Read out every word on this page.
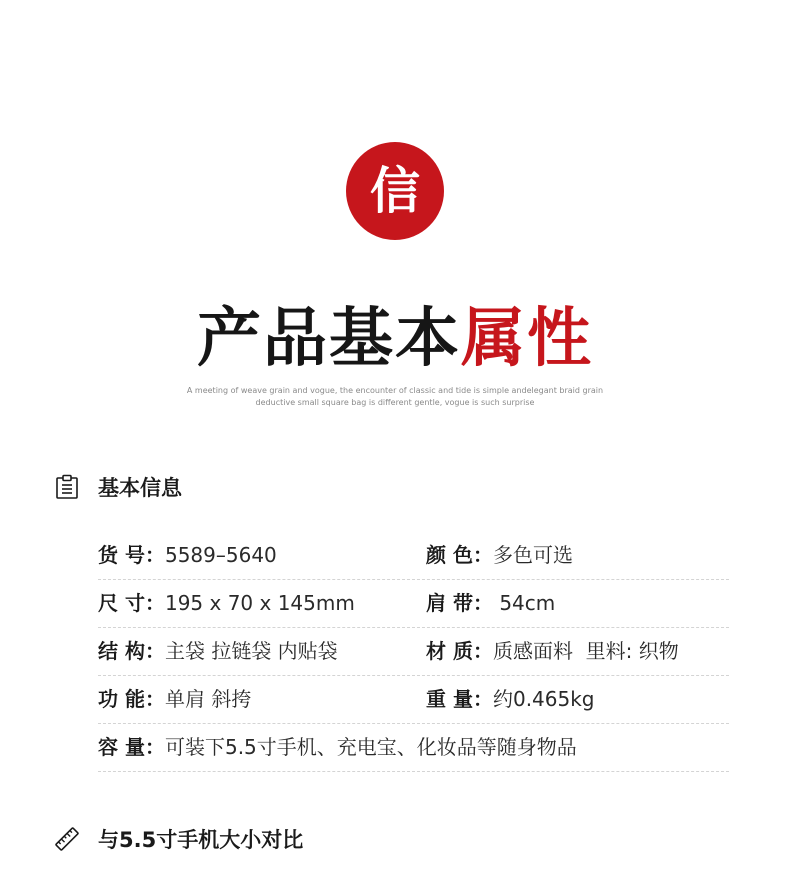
信
产品基本属性
A meeting of weave grain and vogue, the encounter of classic and tide is simple andelegant braid grain
deductive small square bag is different gentle, vogue is such surprise
基本信息
货 号：5589–5640	颜 色：多色可选
尺 寸：195 x 70 x 145mm	肩 带： 54cm
结 构：主袋 拉链袋 内贴袋	材 质：质感面料  里料: 织物
功 能：单肩 斜挎	重 量：约0.465kg
容 量：可装下5.5寸手机、充电宝、化妆品等随身物品
与5.5寸手机大小对比
